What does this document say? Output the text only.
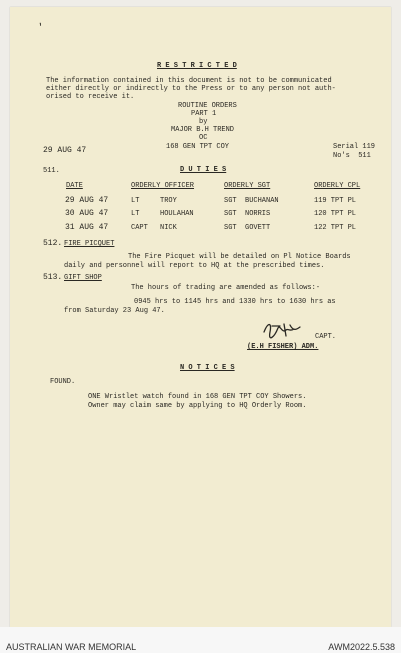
ʹ
R E S T R I C T E D
The information contained in this document is not to be communicated
either directly or indirectly to the Press or to any person not auth-
orised to receive it.
ROUTINE ORDERS
PART 1
by
MAJOR B.H TREND
OC
168 GEN TPT COY
29 AUG 47	Serial 119
No's  511
D U T I E S
511.
DATE	ORDERLY OFFICER	ORDERLY SGT	ORDERLY CPL
29 AUG 47	LT	TROY	SGT BUCHANAN	119 TPT PL
30 AUG 47	LT	HOULAHAN	SGT NORRIS	120 TPT PL
31 AUG 47	CAPT NICK	SGT GOVETT	122 TPT PL
512. FIRE PICQUET
The Fire Picquet will be detailed on Pl Notice Boards
daily and personnel will report to HQ at the prescribed times.
513. GIFT SHOP
The hours of trading are amended as follows:-
0945 hrs to 1145 hrs and 1330 hrs to 1630 hrs as
from Saturday 23 Aug 47.
CAPT.
(E.H FISHER) ADM.
N O T I C E S
FOUND.
ONE Wristlet watch found in 168 GEN TPT COY Showers.
Owner may claim same by applying to HQ Orderly Room.
AUSTRALIAN WAR MEMORIAL	AWM2022.5.538
